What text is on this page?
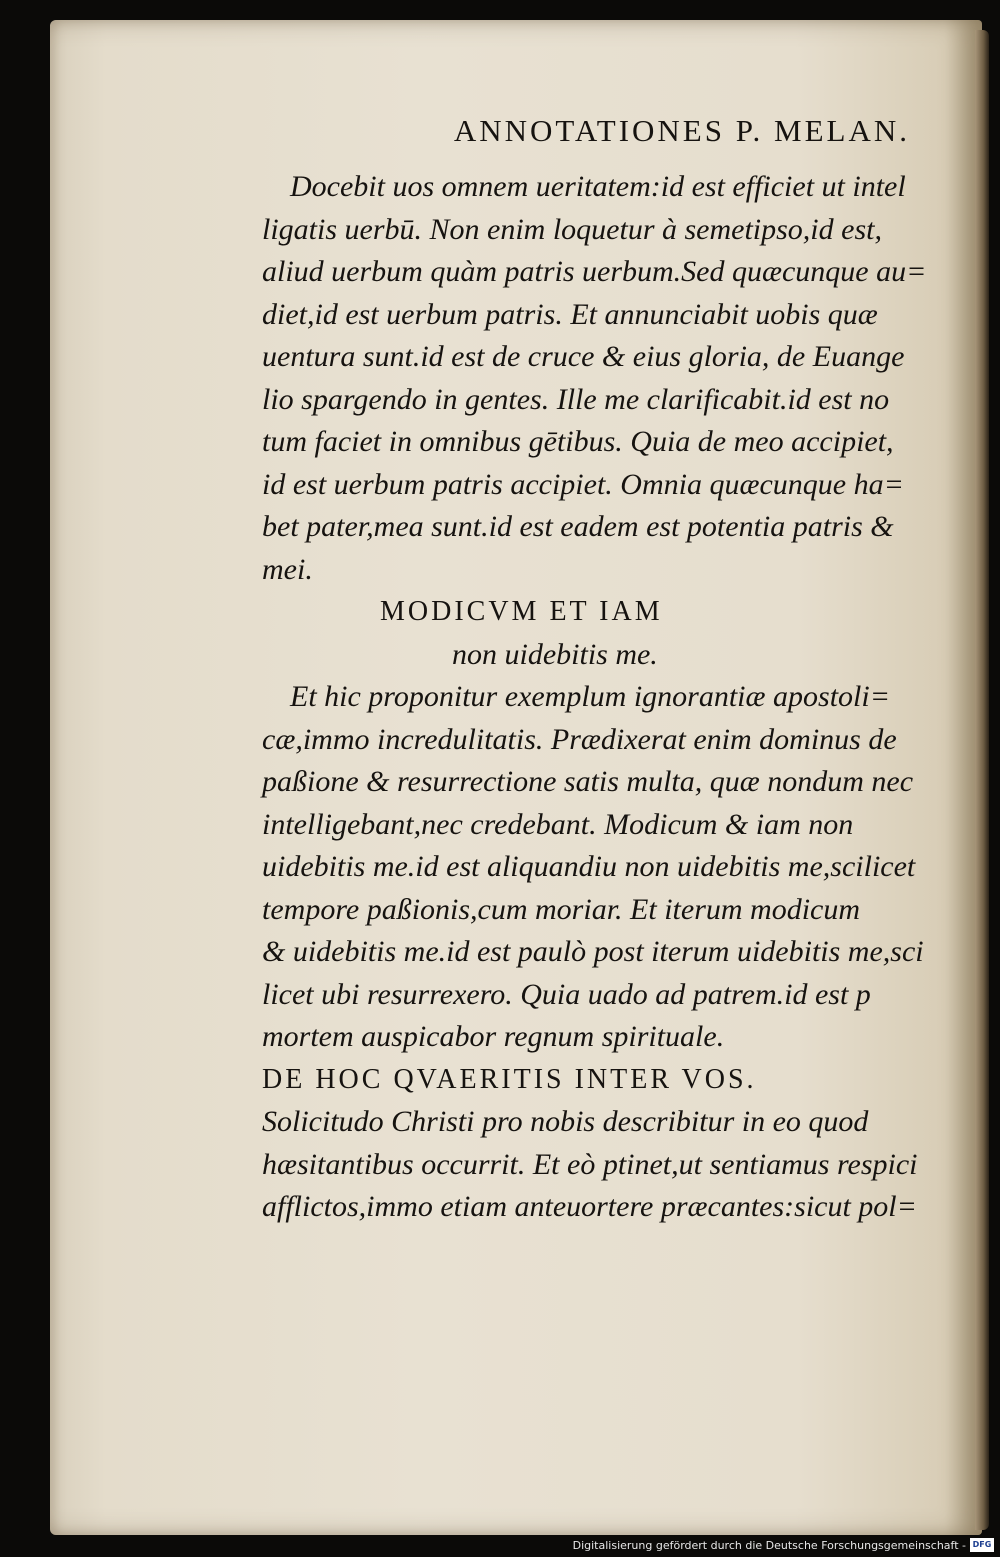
ANNOTATIONES P. MELAN.
Docebit uos omnem ueritatem:id est efficiet ut intel
ligatis uerbū. Non enim loquetur à semetipso,id est,
aliud uerbum quàm patris uerbum.Sed quæcunque au=
diet,id est uerbum patris. Et annunciabit uobis quæ
uentura sunt.id est de cruce & eius gloria, de Euange
lio spargendo in gentes. Ille me clarificabit.id est no
tum faciet in omnibus gētibus. Quia de meo accipiet,
id est uerbum patris accipiet. Omnia quæcunque ha=
bet pater,mea sunt.id est eadem est potentia patris &
mei.
MODICVM ET IAM
non uidebitis me.
Et hic proponitur exemplum ignorantiæ apostoli=
cæ,immo incredulitatis. Prædixerat enim dominus de
paßione & resurrectione satis multa, quæ nondum nec
intelligebant,nec credebant. Modicum & iam non
uidebitis me.id est aliquandiu non uidebitis me,scilicet
tempore paßionis,cum moriar. Et iterum modicum
& uidebitis me.id est paulò post iterum uidebitis me,sci
licet ubi resurrexero. Quia uado ad patrem.id est p
mortem auspicabor regnum spirituale.
DE HOC QVAERITIS INTER VOS.
Solicitudo Christi pro nobis describitur in eo quod
hæsitantibus occurrit. Et eò ptinet,ut sentiamus respici
afflictos,immo etiam anteuortere præcantes:sicut pol=
Digitalisierung gefördert durch die Deutsche Forschungsgemeinschaft - DFG
